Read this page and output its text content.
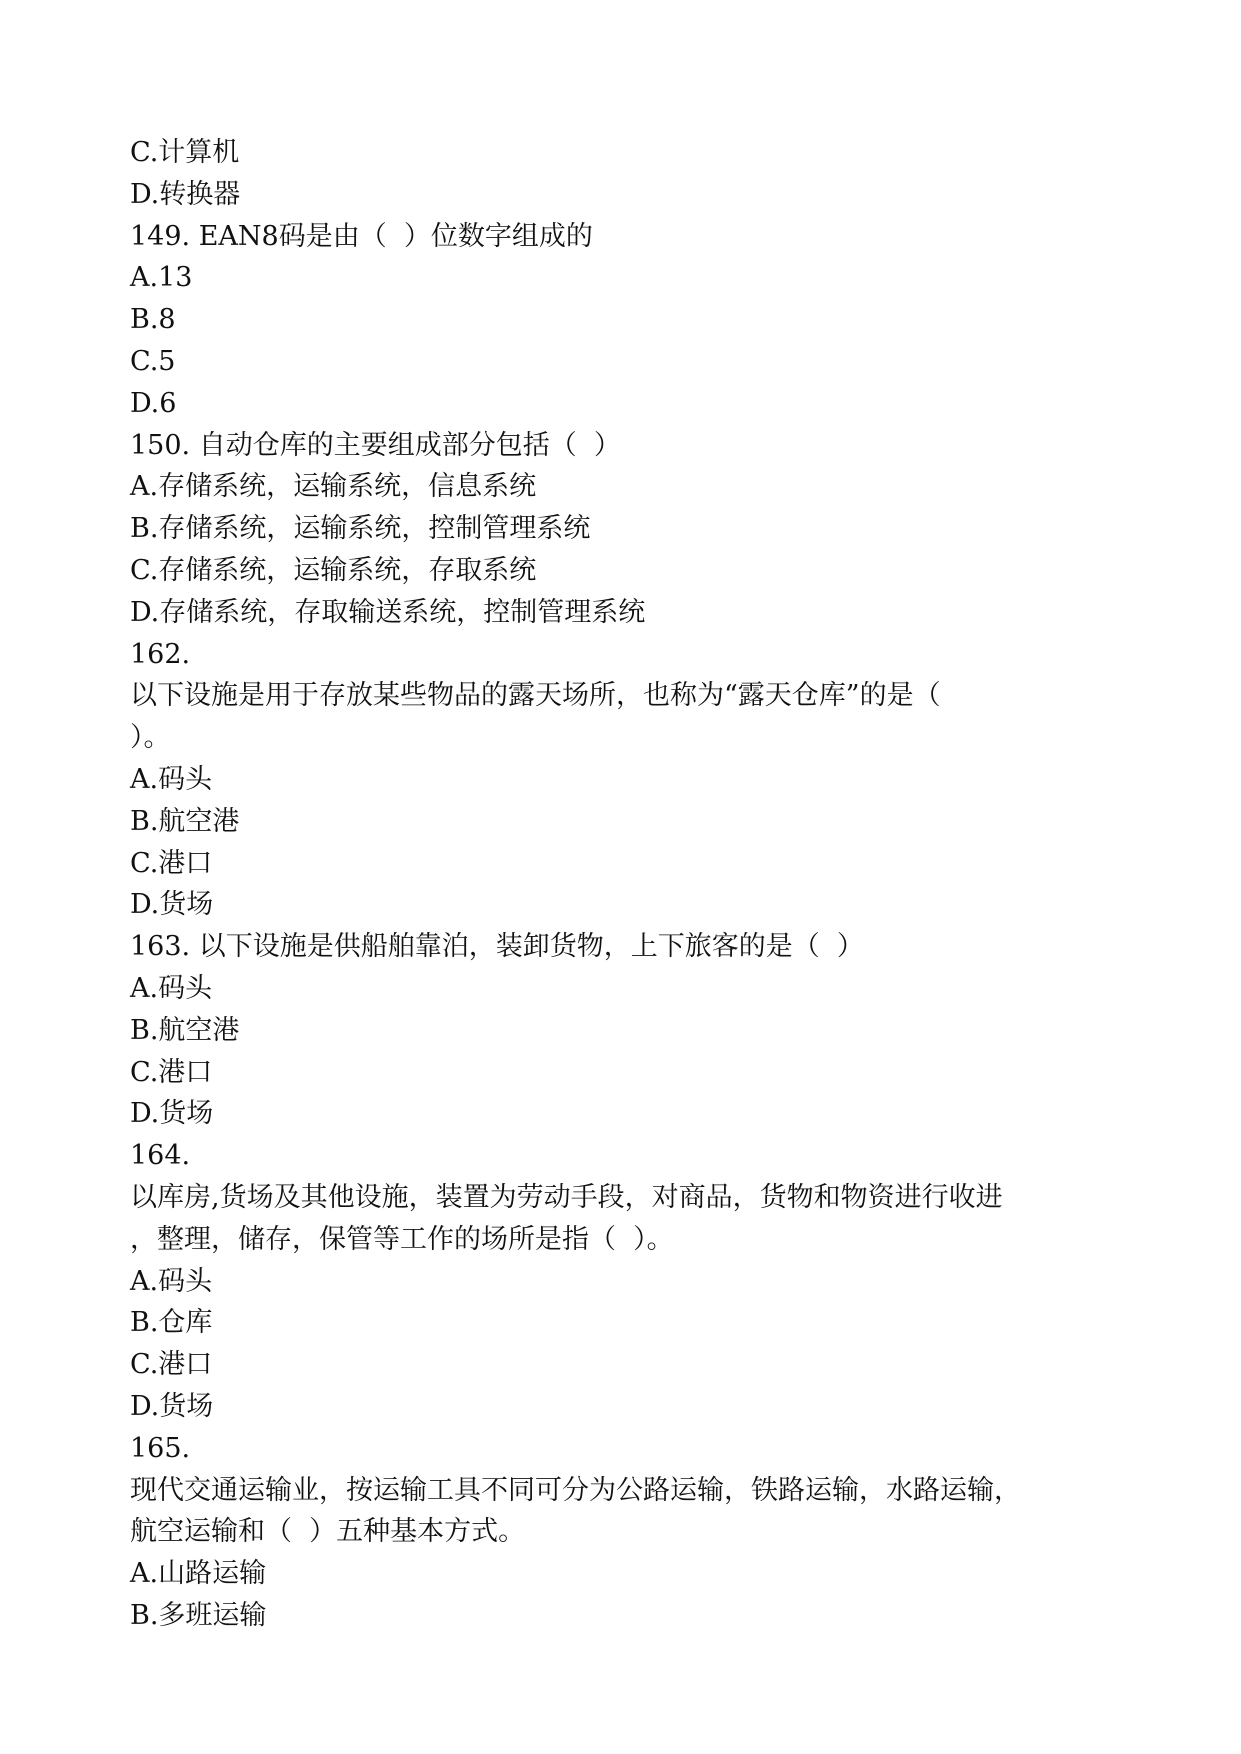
C.计算机

D.转换器

149. EAN8码是由（  ）位数字组成的

A.13

B.8

C.5

D.6

150. 自动仓库的主要组成部分包括（  ）

A.存储系统，运输系统，信息系统

B.存储系统，运输系统，控制管理系统

C.存储系统，运输系统，存取系统

D.存储系统，存取输送系统，控制管理系统

162.

以下设施是用于存放某些物品的露天场所，也称为“露天仓库”的是（

）。

A.码头

B.航空港

C.港口

D.货场

163. 以下设施是供船舶靠泊，装卸货物，上下旅客的是（  ）

A.码头

B.航空港

C.港口

D.货场

164.

以库房,货场及其他设施，装置为劳动手段，对商品，货物和物资进行收进

，整理，储存，保管等工作的场所是指（  ）。

A.码头

B.仓库

C.港口

D.货场

165.

现代交通运输业，按运输工具不同可分为公路运输，铁路运输，水路运输，

航空运输和（  ）五种基本方式。

A.山路运输

B.多班运输
